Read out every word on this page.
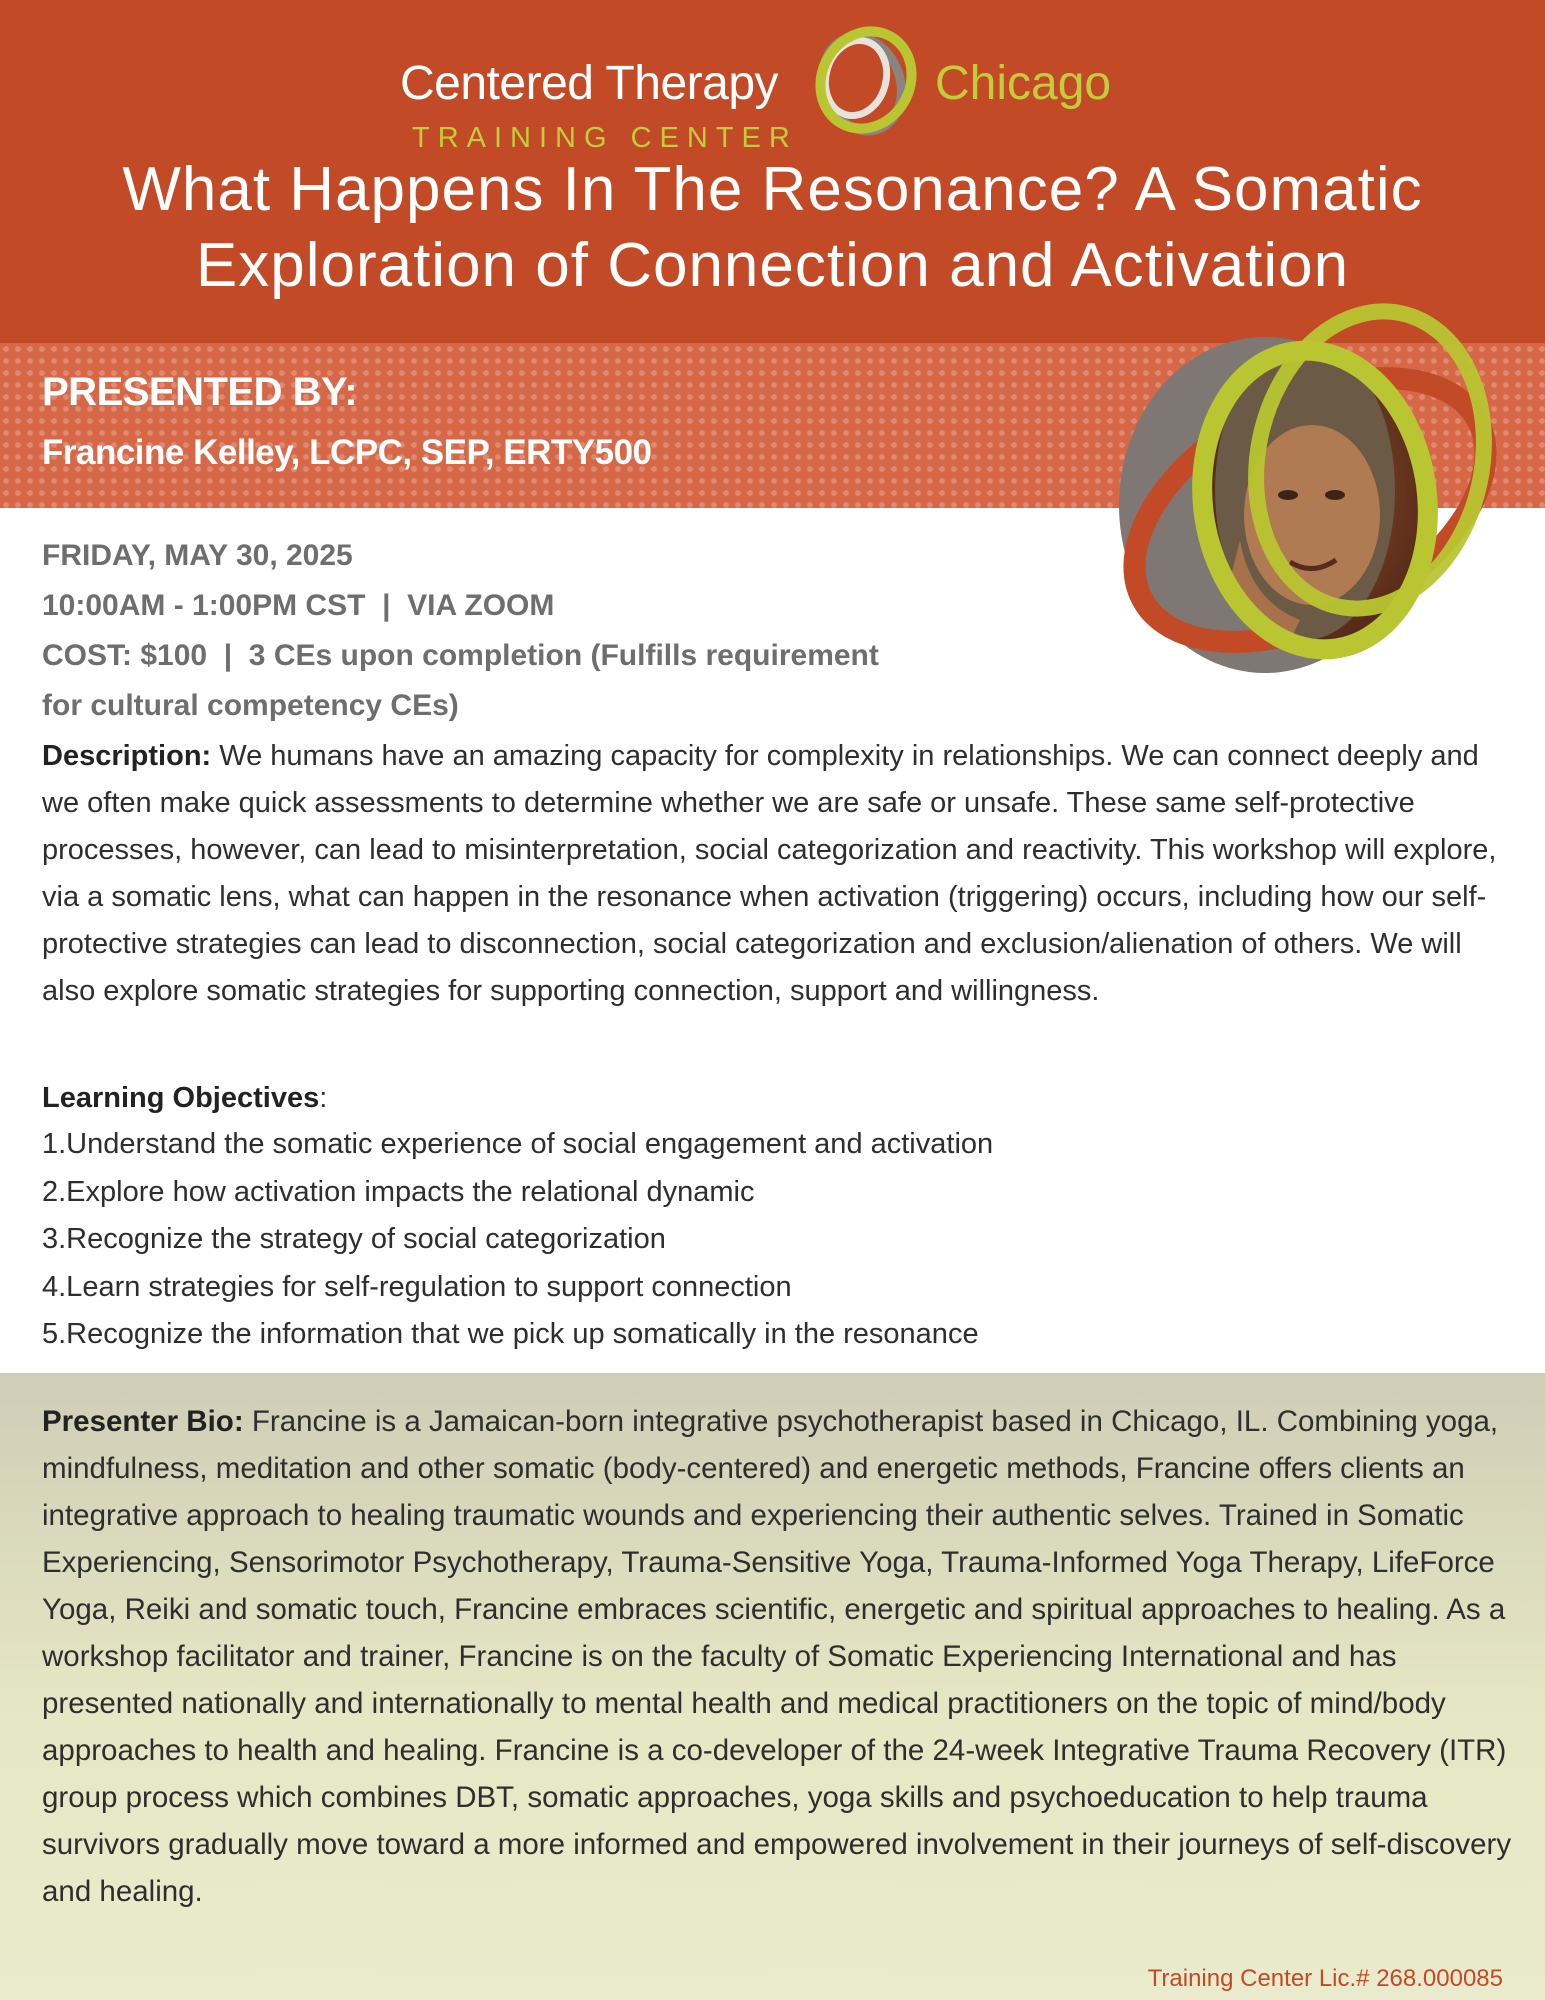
Centered Therapy
TRAINING CENTER
Chicago
What Happens In The Resonance? A Somatic
Exploration of Connection and Activation
PRESENTED BY:
Francine Kelley, LCPC, SEP, ERTY500
FRIDAY, MAY 30, 2025
10:00AM - 1:00PM CST  |  VIA ZOOM
COST: $100  |  3 CEs upon completion (Fulfills requirement
for cultural competency CEs)

Description: We humans have an amazing capacity for complexity in relationships. We can connect deeply and we often make quick assessments to determine whether we are safe or unsafe. These same self-protective processes, however, can lead to misinterpretation, social categorization and reactivity. This workshop will explore, via a somatic lens, what can happen in the resonance when activation (triggering) occurs, including how our self-protective strategies can lead to disconnection, social categorization and exclusion/alienation of others. We will also explore somatic strategies for supporting connection, support and willingness.

Learning Objectives:
1.Understand the somatic experience of social engagement and activation
2.Explore how activation impacts the relational dynamic
3.Recognize the strategy of social categorization
4.Learn strategies for self-regulation to support connection
5.Recognize the information that we pick up somatically in the resonance

Presenter Bio: Francine is a Jamaican-born integrative psychotherapist based in Chicago, IL. Combining yoga, mindfulness, meditation and other somatic (body-centered) and energetic methods, Francine offers clients an integrative approach to healing traumatic wounds and experiencing their authentic selves. Trained in Somatic Experiencing, Sensorimotor Psychotherapy, Trauma-Sensitive Yoga, Trauma-Informed Yoga Therapy, LifeForce Yoga, Reiki and somatic touch, Francine embraces scientific, energetic and spiritual approaches to healing. As a workshop facilitator and trainer, Francine is on the faculty of Somatic Experiencing International and has presented nationally and internationally to mental health and medical practitioners on the topic of mind/body approaches to health and healing. Francine is a co-developer of the 24-week Integrative Trauma Recovery (ITR) group process which combines DBT, somatic approaches, yoga skills and psychoeducation to help trauma survivors gradually move toward a more informed and empowered involvement in their journeys of self-discovery and healing.

Training Center Lic.# 268.000085
